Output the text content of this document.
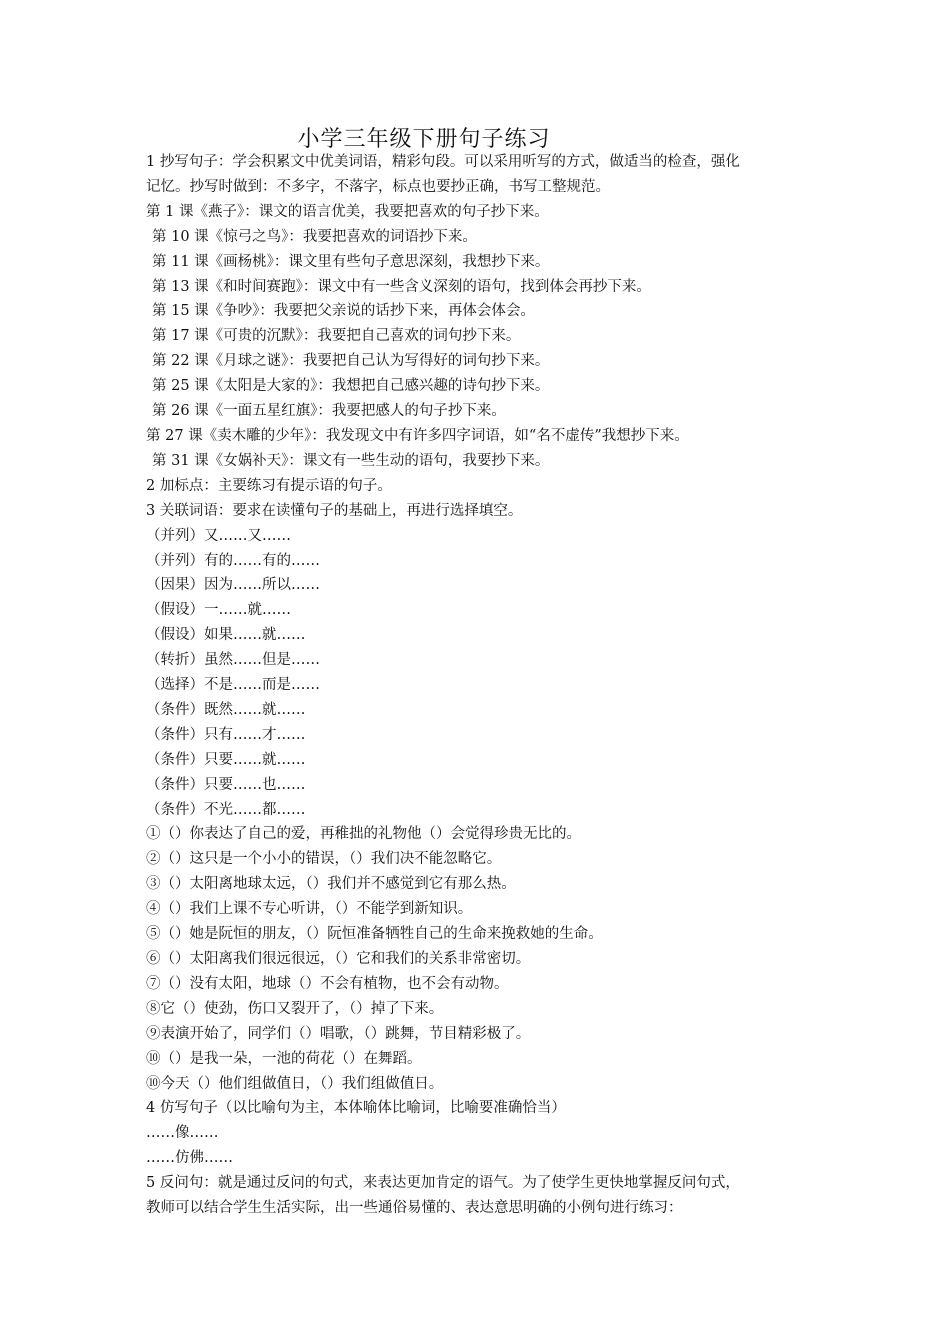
小学三年级下册句子练习
1 抄写句子：学会积累文中优美词语，精彩句段。可以采用听写的方式，做适当的检查，强化
记忆。抄写时做到：不多字，不落字，标点也要抄正确，书写工整规范。
第 1 课《燕子》：课文的语言优美，我要把喜欢的句子抄下来。
第 10 课《惊弓之鸟》：我要把喜欢的词语抄下来。
第 11 课《画杨桃》：课文里有些句子意思深刻，我想抄下来。
第 13 课《和时间赛跑》：课文中有一些含义深刻的语句，找到体会再抄下来。
第 15 课《争吵》：我要把父亲说的话抄下来，再体会体会。
第 17 课《可贵的沉默》：我要把自己喜欢的词句抄下来。
第 22 课《月球之谜》：我要把自己认为写得好的词句抄下来。
第 25 课《太阳是大家的》：我想把自己感兴趣的诗句抄下来。
第 26 课《一面五星红旗》：我要把感人的句子抄下来。
第 27 课《卖木雕的少年》：我发现文中有许多四字词语，如“名不虚传”我想抄下来。
第 31 课《女娲补天》：课文有一些生动的语句，我要抄下来。
2 加标点：主要练习有提示语的句子。
3 关联词语：要求在读懂句子的基础上，再进行选择填空。
（并列）又……又……
（并列）有的……有的……
（因果）因为……所以……
（假设）一……就……
（假设）如果……就……
（转折）虽然……但是……
（选择）不是……而是……
（条件）既然……就……
（条件）只有……才……
（条件）只要……就……
（条件）只要……也……
（条件）不光……都……
①（）你表达了自己的爱，再稚拙的礼物他（）会觉得珍贵无比的。
②（）这只是一个小小的错误，（）我们决不能忽略它。
③（）太阳离地球太远，（）我们并不感觉到它有那么热。
④（）我们上课不专心听讲，（）不能学到新知识。
⑤（）她是阮恒的朋友，（）阮恒准备牺牲自己的生命来挽救她的生命。
⑥（）太阳离我们很远很远，（）它和我们的关系非常密切。
⑦（）没有太阳，地球（）不会有植物，也不会有动物。
⑧它（）使劲，伤口又裂开了，（）掉了下来。
⑨表演开始了，同学们（）唱歌，（）跳舞，节目精彩极了。
⑩（）是我一朵，一池的荷花（）在舞蹈。
⑩今天（）他们组做值日，（）我们组做值日。
4 仿写句子（以比喻句为主，本体喻体比喻词，比喻要准确恰当）
……像……
……仿佛……
5 反问句：就是通过反问的句式，来表达更加肯定的语气。为了使学生更快地掌握反问句式，
教师可以结合学生生活实际，出一些通俗易懂的、表达意思明确的小例句进行练习：
